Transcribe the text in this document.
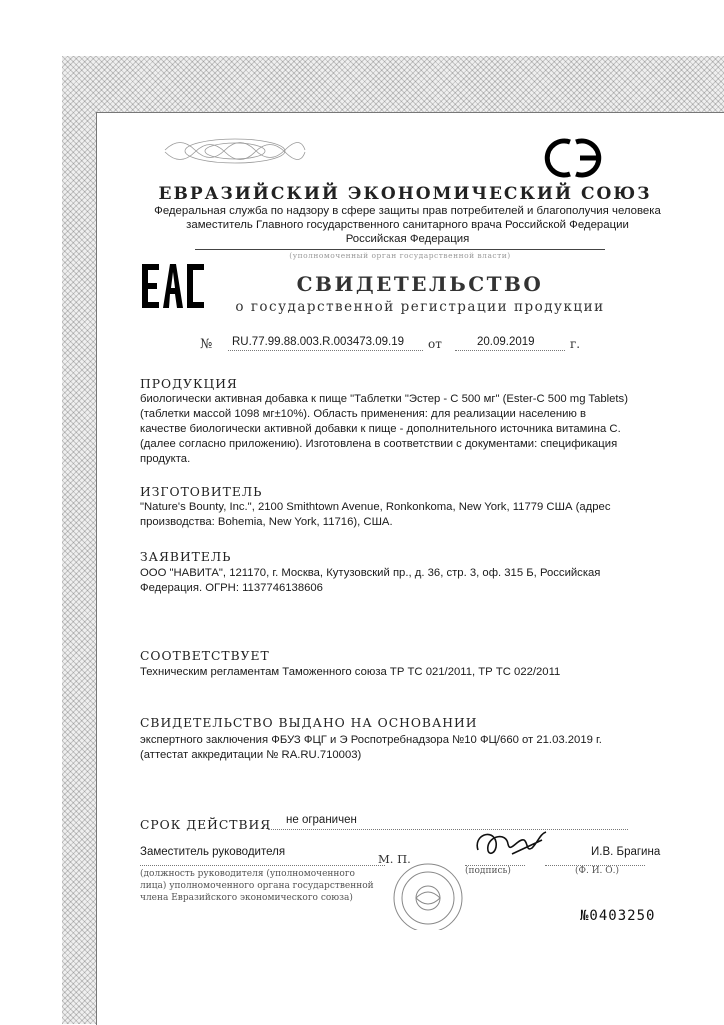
ЕВРАЗИЙСКИЙ ЭКОНОМИЧЕСКИЙ СОЮЗ
Федеральная служба по надзору в сфере защиты прав потребителей и благополучия человека
заместитель Главного государственного санитарного врача Российской Федерации
Российская Федерация
(уполномоченный орган государственной власти)
СВИДЕТЕЛЬСТВО
о государственной регистрации продукции
№ RU.77.99.88.003.R.003473.09.19 от	20.09.2019	г.
ПРОДУКЦИЯ
биологически активная добавка к пище "Таблетки "Эстер - С 500 мг" (Ester-C 500 mg Tablets) (таблетки массой 1098 мг±10%). Область применения: для реализации населению в качестве биологически активной добавки к пище - дополнительного источника витамина С. (далее согласно приложению). Изготовлена в соответствии с документами: спецификация продукта.
ИЗГОТОВИТЕЛЬ
"Nature's Bounty, Inc.", 2100 Smithtown Avenue, Ronkonkoma, New York, 11779 США (адрес производства: Bohemia, New York, 11716), США.
ЗАЯВИТЕЛЬ
ООО "НАВИТА", 121170, г. Москва, Кутузовский пр., д. 36, стр. 3, оф. 315 Б, Российская Федерация. ОГРН: 1137746138606
СООТВЕТСТВУЕТ
Техническим регламентам Таможенного союза ТР ТС 021/2011, ТР ТС 022/2011
СВИДЕТЕЛЬСТВО ВЫДАНО НА ОСНОВАНИИ
экспертного заключения ФБУЗ ФЦГ и Э Роспотребнадзора №10 ФЦ/660 от 21.03.2019 г. (аттестат аккредитации № RA.RU.710003)
СРОК ДЕЙСТВИЯ не ограничен
Заместитель руководителя	И.В. Брагина
М. П.
(подпись)	(Ф. И. О.)
(должность руководителя (уполномоченного
лица) уполномоченного органа государственной
члена Евразийского экономического союза)
№0403250
